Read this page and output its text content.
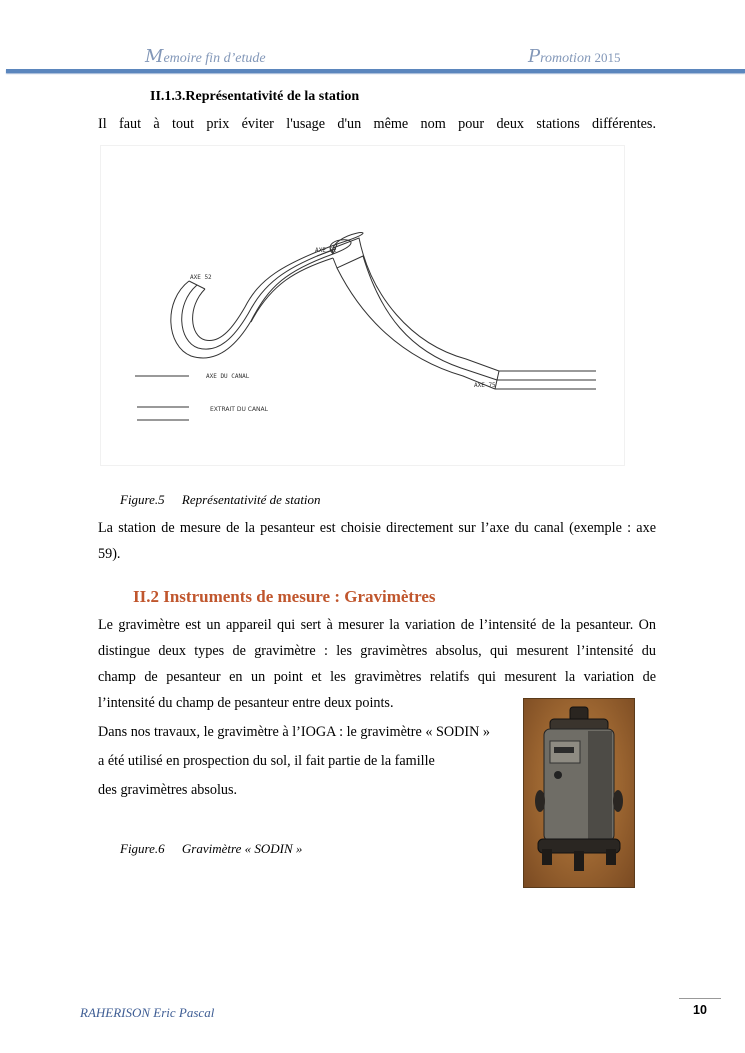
Memoire fin d’etude	Promotion 2015
II.1.3.Représentativité de la station
Il faut à tout prix éviter l'usage d'un même nom pour deux stations différentes.
AXE 52
AXE 62
AXE 75
AXE DU CANAL
EXTRAIT DU CANAL
Figure.5 Représentativité de station
La station de mesure de la pesanteur est choisie directement sur l’axe du canal (exemple : axe
59).
II.2 Instruments de mesure : Gravimètres
Le gravimètre est un appareil qui sert à mesurer la variation de l’intensité de la pesanteur. On
distingue deux types de gravimètre : les gravimètres absolus, qui mesurent l’intensité du
champ de pesanteur en un point et les gravimètres relatifs qui mesurent la variation de
l’intensité du champ de pesanteur entre deux points.
Dans nos travaux, le gravimètre à l’IOGA : le gravimètre « SODIN »
a été utilisé en prospection du sol, il fait partie de la famille
des gravimètres absolus.
Figure.6 Gravimètre « SODIN »
RAHERISON Eric Pascal	10
